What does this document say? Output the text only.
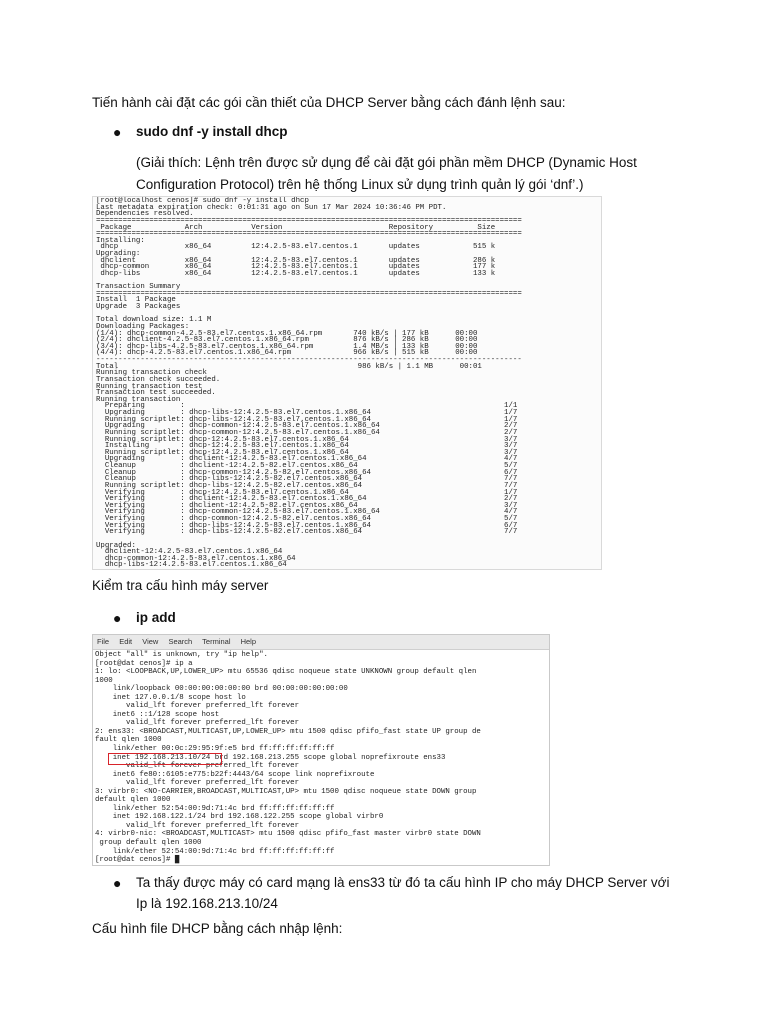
Tiến hành cài đặt các gói cần thiết của DHCP Server bằng cách đánh lệnh sau:
● sudo dnf -y install dhcp
(Giải thích: Lệnh trên được sử dụng để cài đặt gói phần mềm DHCP (Dynamic Host Configuration Protocol) trên hệ thống Linux sử dụng trình quản lý gói ‘dnf’.)
[root@localhost cenos]# sudo dnf -y install dhcp
Last metadata expiration check: 0:01:31 ago on Sun 17 Mar 2024 10:36:46 PM PDT.
Dependencies resolved.
================================================================================================
Package            Arch           Version                        Repository          Size
================================================================================================
Installing:
dhcp               x86_64         12:4.2.5-83.el7.centos.1       updates            515 k
Upgrading:
dhclient           x86_64         12:4.2.5-83.el7.centos.1       updates            286 k
dhcp-common        x86_64         12:4.2.5-83.el7.centos.1       updates            177 k
dhcp-libs          x86_64         12:4.2.5-83.el7.centos.1       updates            133 k

Transaction Summary
================================================================================================
Install  1 Package
Upgrade  3 Packages

Total download size: 1.1 M
Downloading Packages:
(1/4): dhcp-common-4.2.5-83.el7.centos.1.x86_64.rpm       740 kB/s | 177 kB      00:00
(2/4): dhclient-4.2.5-83.el7.centos.1.x86_64.rpm          876 kB/s | 286 kB      00:00
(3/4): dhcp-libs-4.2.5-83.el7.centos.1.x86_64.rpm         1.4 MB/s | 133 kB      00:00
(4/4): dhcp-4.2.5-83.el7.centos.1.x86_64.rpm              966 kB/s | 515 kB      00:00
------------------------------------------------------------------------------------------------
Total                                                      986 kB/s | 1.1 MB      00:01
Running transaction check
Transaction check succeeded.
Running transaction test
Transaction test succeeded.
Running transaction
Preparing        :                                                                        1/1
Upgrading        : dhcp-libs-12:4.2.5-83.el7.centos.1.x86_64                              1/7
Running scriptlet: dhcp-libs-12:4.2.5-83.el7.centos.1.x86_64                              1/7
Upgrading        : dhcp-common-12:4.2.5-83.el7.centos.1.x86_64                            2/7
Running scriptlet: dhcp-common-12:4.2.5-83.el7.centos.1.x86_64                            2/7
Running scriptlet: dhcp-12:4.2.5-83.el7.centos.1.x86_64                                   3/7
Installing       : dhcp-12:4.2.5-83.el7.centos.1.x86_64                                   3/7
Running scriptlet: dhcp-12:4.2.5-83.el7.centos.1.x86_64                                   3/7
Upgrading        : dhclient-12:4.2.5-83.el7.centos.1.x86_64                               4/7
Cleanup          : dhclient-12:4.2.5-82.el7.centos.x86_64                                 5/7
Cleanup          : dhcp-common-12:4.2.5-82.el7.centos.x86_64                              6/7
Cleanup          : dhcp-libs-12:4.2.5-82.el7.centos.x86_64                                7/7
Running scriptlet: dhcp-libs-12:4.2.5-82.el7.centos.x86_64                                7/7
Verifying        : dhcp-12:4.2.5-83.el7.centos.1.x86_64                                   1/7
Verifying        : dhclient-12:4.2.5-83.el7.centos.1.x86_64                               2/7
Verifying        : dhclient-12:4.2.5-82.el7.centos.x86_64                                 3/7
Verifying        : dhcp-common-12:4.2.5-83.el7.centos.1.x86_64                            4/7
Verifying        : dhcp-common-12:4.2.5-82.el7.centos.x86_64                              5/7
Verifying        : dhcp-libs-12:4.2.5-83.el7.centos.1.x86_64                              6/7
Verifying        : dhcp-libs-12:4.2.5-82.el7.centos.x86_64                                7/7

Upgraded:
dhclient-12:4.2.5-83.el7.centos.1.x86_64
dhcp-common-12:4.2.5-83.el7.centos.1.x86_64
dhcp-libs-12:4.2.5-83.el7.centos.1.x86_64

Kiểm tra cấu hình máy server
● ip add
File Edit View Search Terminal Help
Object "all" is unknown, try "ip help".
[root@dat cenos]# ip a
1: lo: <LOOPBACK,UP,LOWER_UP> mtu 65536 qdisc noqueue state UNKNOWN group default qlen
1000
link/loopback 00:00:00:00:00:00 brd 00:00:00:00:00:00
inet 127.0.0.1/8 scope host lo
valid_lft forever preferred_lft forever
inet6 ::1/128 scope host
valid_lft forever preferred_lft forever
2: ens33: <BROADCAST,MULTICAST,UP,LOWER_UP> mtu 1500 qdisc pfifo_fast state UP group de
fault qlen 1000
link/ether 00:0c:29:95:9f:e5 brd ff:ff:ff:ff:ff:ff
inet 192.168.213.10/24 brd 192.168.213.255 scope global noprefixroute ens33
valid_lft forever preferred_lft forever
inet6 fe80::6105:e775:b22f:4443/64 scope link noprefixroute
valid_lft forever preferred_lft forever
3: virbr0: <NO-CARRIER,BROADCAST,MULTICAST,UP> mtu 1500 qdisc noqueue state DOWN group
default qlen 1000
link/ether 52:54:00:9d:71:4c brd ff:ff:ff:ff:ff:ff
inet 192.168.122.1/24 brd 192.168.122.255 scope global virbr0
valid_lft forever preferred_lft forever
4: virbr0-nic: <BROADCAST,MULTICAST> mtu 1500 qdisc pfifo_fast master virbr0 state DOWN
group default qlen 1000
link/ether 52:54:00:9d:71:4c brd ff:ff:ff:ff:ff:ff
[root@dat cenos]# █
● Ta thấy được máy có card mạng là ens33 từ đó ta cấu hình IP cho máy DHCP Server với Ip là 192.168.213.10/24
Cấu hình file DHCP bằng cách nhập lệnh:
